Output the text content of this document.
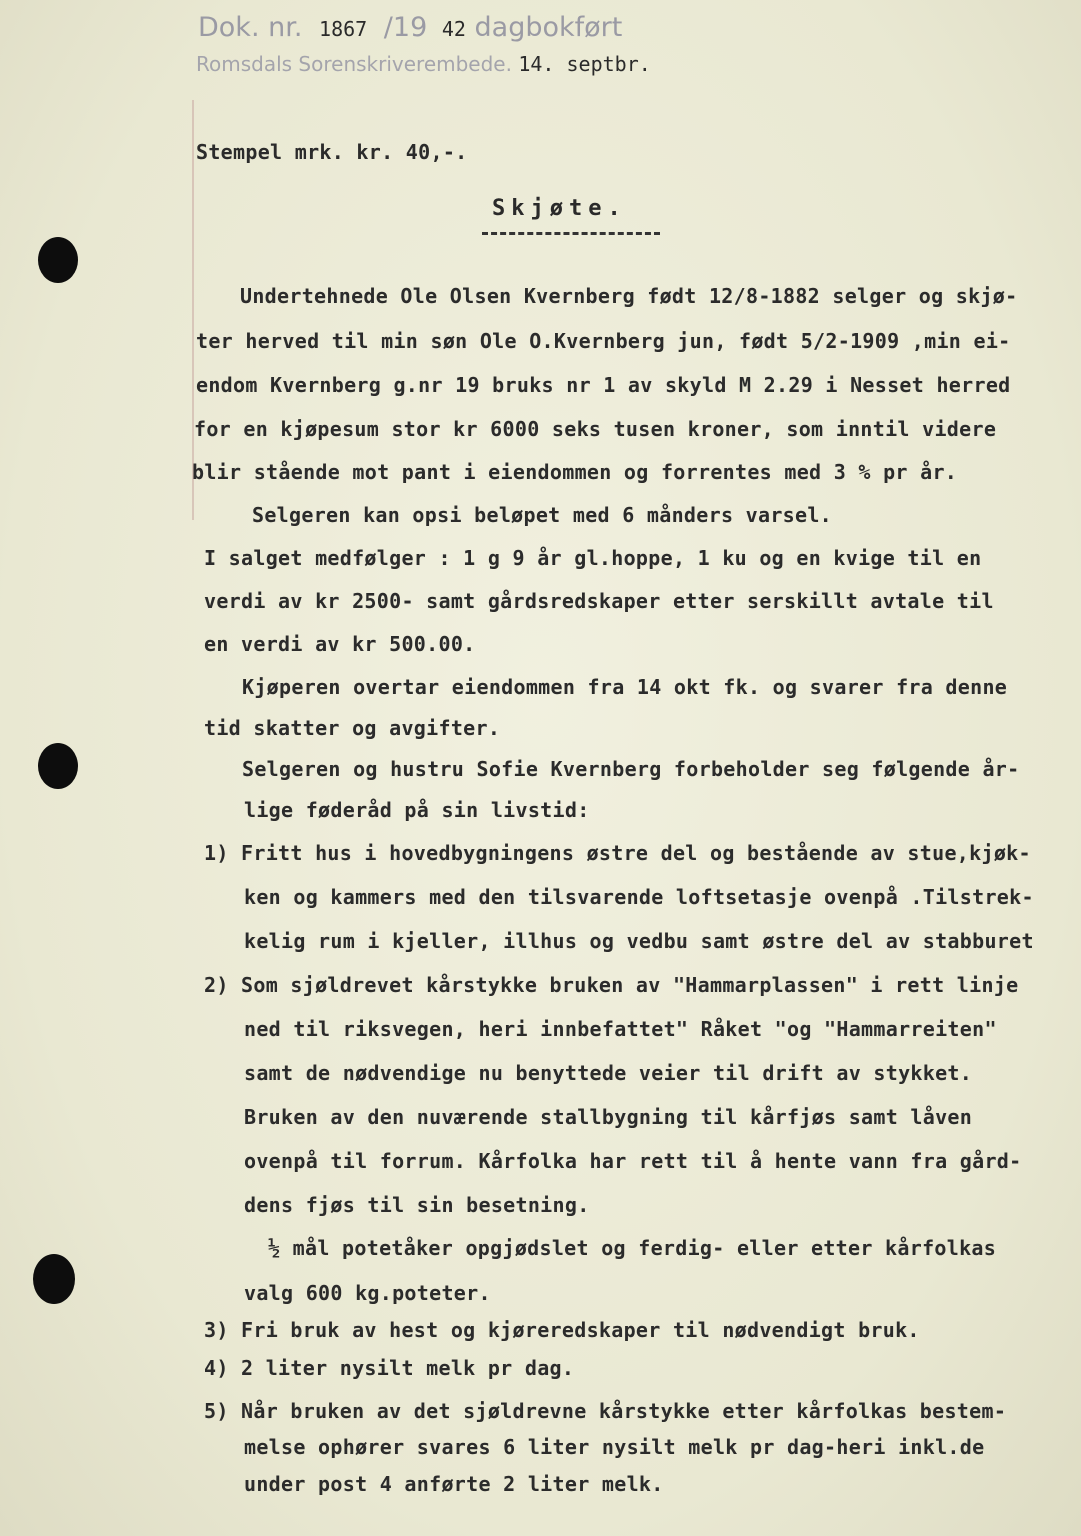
Dok. nr. 1867 /19 42 dagbokført
Romsdals Sorenskriverembede. 14. septbr.
Stempel mrk. kr. 40,-.
Skjøte.
Undertehnede Ole Olsen Kvernberg født 12/8-1882 selger og skjø-
ter herved til min søn Ole O.Kvernberg jun, født 5/2-1909 ,min ei-
endom Kvernberg g.nr 19 bruks nr 1 av skyld M 2.29 i Nesset herred
for en kjøpesum stor kr 6000 seks tusen kroner, som inntil videre
blir stående mot pant i eiendommen og forrentes med 3 % pr år.
Selgeren kan opsi beløpet med 6 månders varsel.
I salget medfølger : 1 g 9 år gl.hoppe, 1 ku og en kvige til en
verdi av kr 2500- samt gårdsredskaper etter serskillt avtale til
en verdi av kr 500.00.
Kjøperen overtar eiendommen fra 14 okt fk. og svarer fra denne
tid skatter og avgifter.
Selgeren og hustru Sofie Kvernberg forbeholder seg følgende år-
lige føderåd på sin livstid:
1) Fritt hus i hovedbygningens østre del og bestående av stue,kjøk-
ken og kammers med den tilsvarende loftsetasje ovenpå .Tilstrek-
kelig rum i kjeller, illhus og vedbu samt østre del av stabburet
2) Som sjøldrevet kårstykke bruken av "Hammarplassen" i rett linje
ned til riksvegen, heri innbefattet" Råket "og "Hammarreiten"
samt de nødvendige nu benyttede veier til drift av stykket.
Bruken av den nuværende stallbygning til kårfjøs samt låven
ovenpå til forrum. Kårfolka har rett til å hente vann fra gård-
dens fjøs til sin besetning.
½ mål potetåker opgjødslet og ferdig- eller etter kårfolkas
valg 600 kg.poteter.
3) Fri bruk av hest og kjøreredskaper til nødvendigt bruk.
4) 2 liter nysilt melk pr dag.
5) Når bruken av det sjøldrevne kårstykke etter kårfolkas bestem-
melse ophører svares 6 liter nysilt melk pr dag-heri inkl.de
under post 4 anførte 2 liter melk.
